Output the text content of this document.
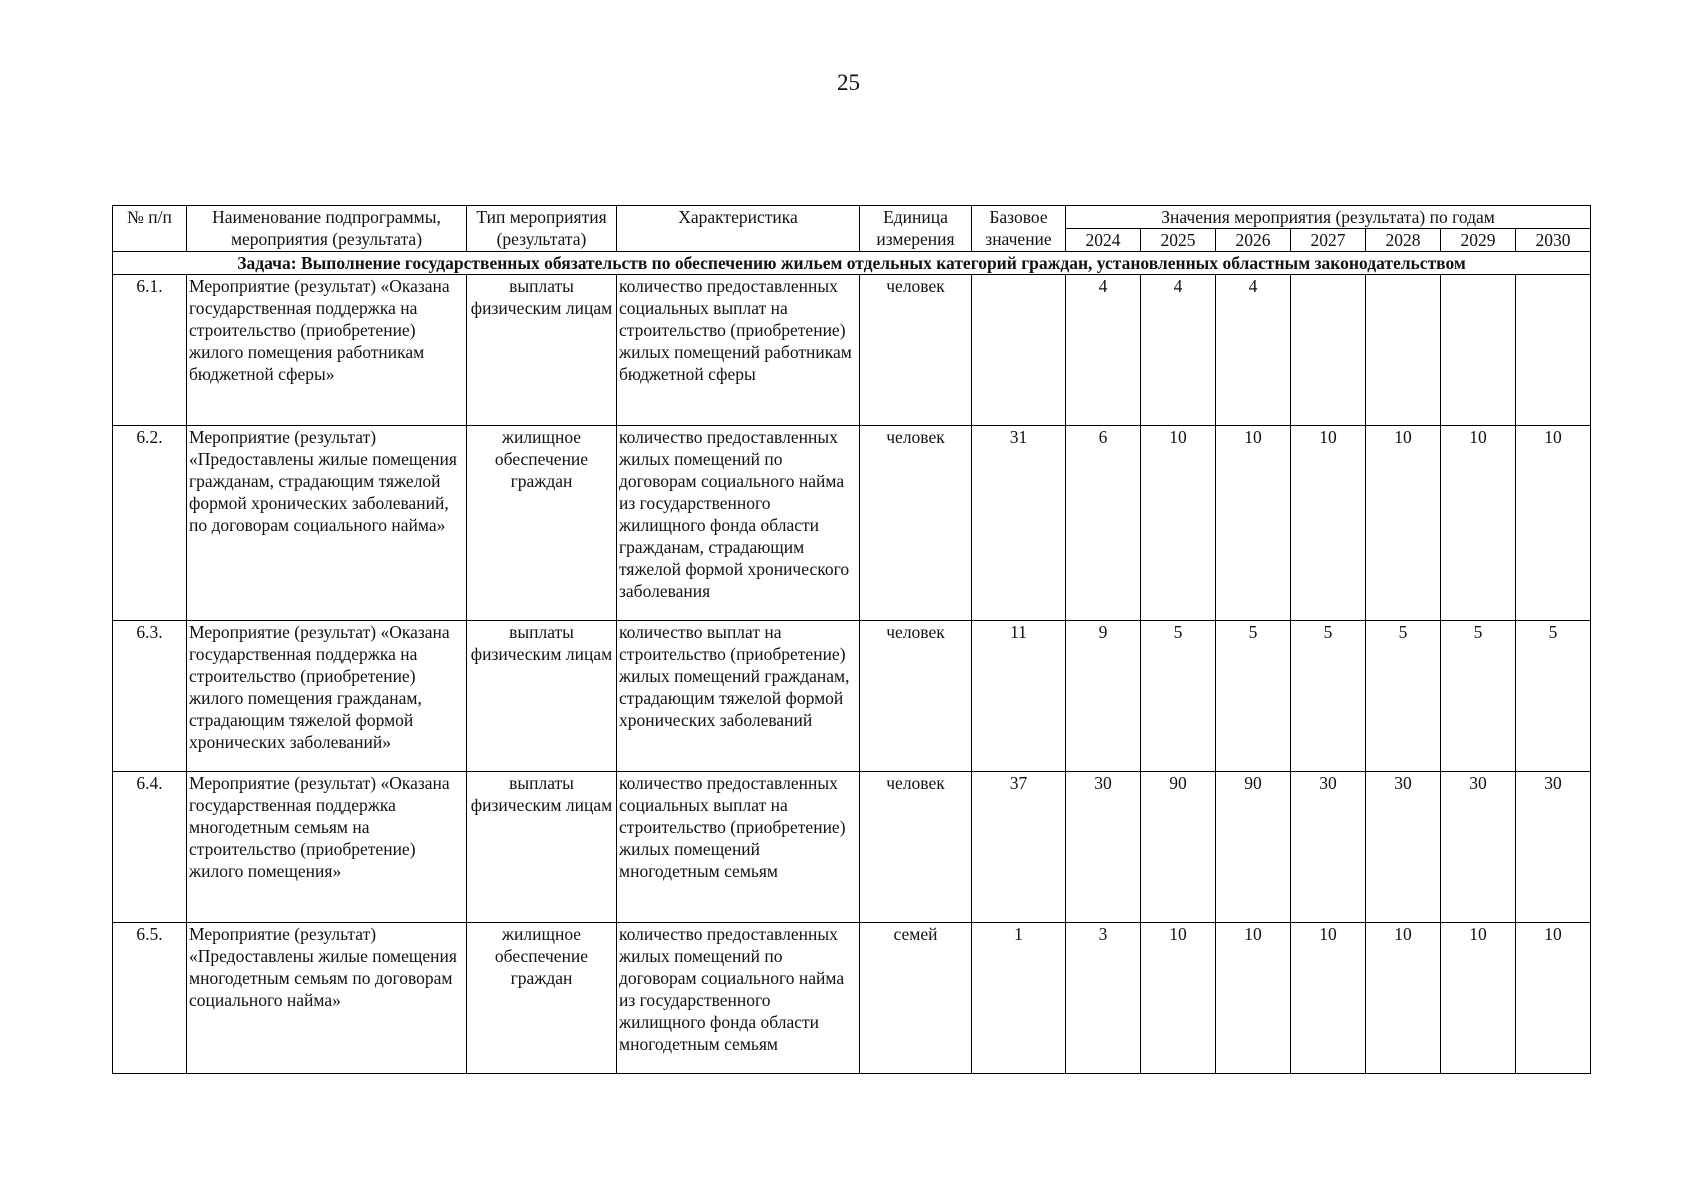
25
№ п/п	Наименование подпрограммы, мероприятия (результата)	Тип мероприятия (результата)	Характеристика	Единица измерения	Базовое значение	Значения мероприятия (результата) по годам						
						2024	2025	2026	2027	2028	2029	2030
Задача: Выполнение государственных обязательств по обеспечению жильем отдельных категорий граждан, установленных областным законодательством												
6.1.	Мероприятие (результат) «Оказана государственная поддержка на строительство (приобретение) жилого помещения работникам бюджетной сферы»	выплаты физическим лицам	количество предоставленных социальных выплат на строительство (приобретение) жилых помещений работникам бюджетной сферы	человек		4	4	4				
6.2.	Мероприятие (результат) «Предоставлены жилые помещения гражданам, страдающим тяжелой формой хронических заболеваний, по договорам социального найма»	жилищное обеспечение граждан	количество предоставленных жилых помещений по договорам социального найма из государственного жилищного фонда области гражданам, страдающим тяжелой формой хронического заболевания	человек	31	6	10	10	10	10	10	10
6.3.	Мероприятие (результат) «Оказана государственная поддержка на строительство (приобретение) жилого помещения гражданам, страдающим тяжелой формой хронических заболеваний»	выплаты физическим лицам	количество выплат на строительство (приобретение) жилых помещений гражданам, страдающим тяжелой формой хронических заболеваний	человек	11	9	5	5	5	5	5	5
6.4.	Мероприятие (результат) «Оказана государственная поддержка многодетным семьям на строительство (приобретение) жилого помещения»	выплаты физическим лицам	количество предоставленных социальных выплат на строительство (приобретение) жилых помещений многодетным семьям	человек	37	30	90	90	30	30	30	30
6.5.	Мероприятие (результат) «Предоставлены жилые помещения многодетным семьям по договорам социального найма»	жилищное обеспечение граждан	количество предоставленных жилых помещений по договорам социального найма из государственного жилищного фонда области многодетным семьям	семей	1	3	10	10	10	10	10	10
